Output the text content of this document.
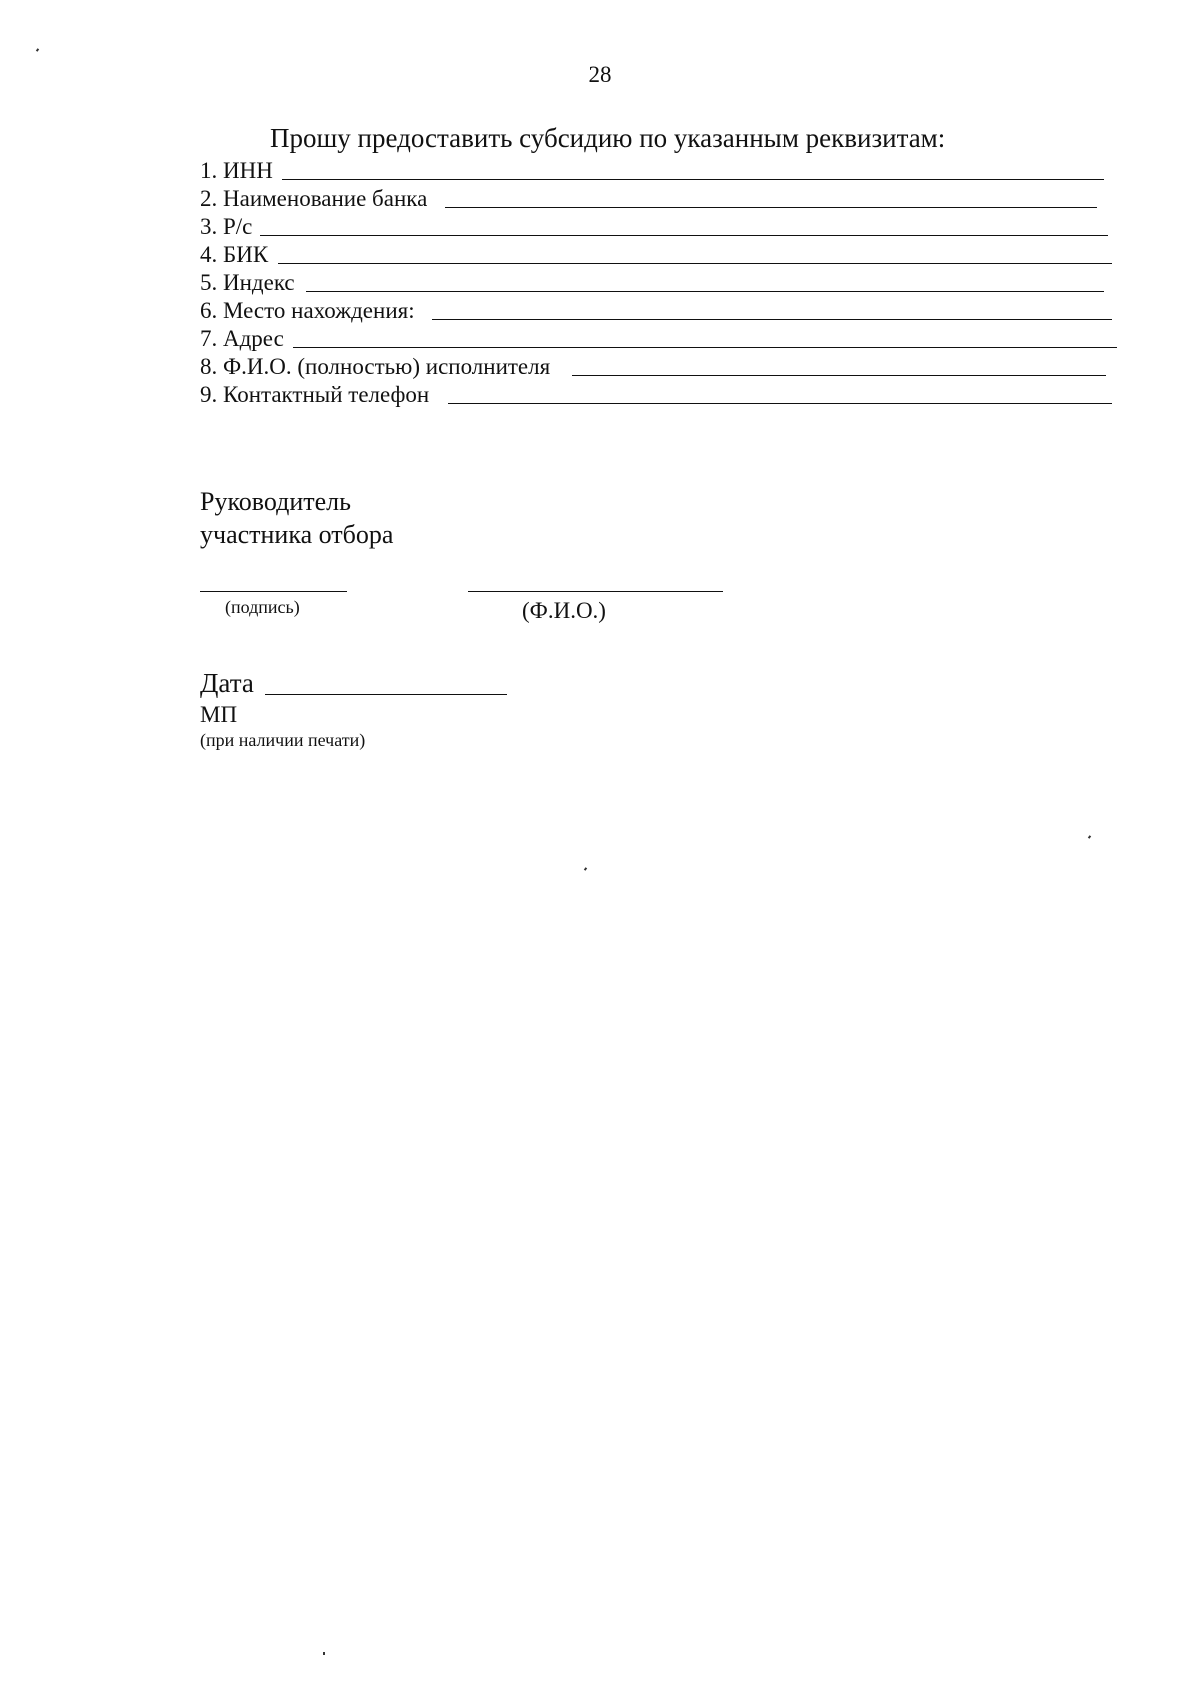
28
Прошу предоставить субсидию по указанным реквизитам:
1. ИНН
2. Наименование банка
3. Р/с
4. БИК
5. Индекс
6. Место нахождения:
7. Адрес
8. Ф.И.О. (полностью) исполнителя
9. Контактный телефон
Руководитель
участника отбора
(подпись)	(Ф.И.О.)
Дата
МП
(при наличии печати)
